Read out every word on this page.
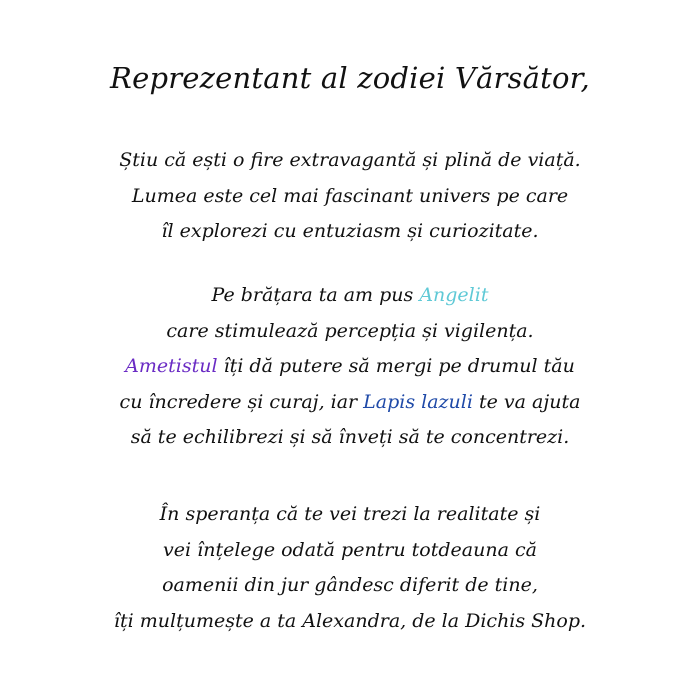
Reprezentant al zodiei Vărsător,
Știu că ești o fire extravagantă și plină de viață.
Lumea este cel mai fascinant univers pe care
îl explorezi cu entuziasm și curiozitate.
Pe brățara ta am pus Angelit
care stimulează percepția și vigilența.
Ametistul îți dă putere să mergi pe drumul tău
cu încredere și curaj, iar Lapis lazuli te va ajuta
să te echilibrezi și să înveți să te concentrezi.
În speranța că te vei trezi la realitate și
vei înțelege odată pentru totdeauna că
oamenii din jur gândesc diferit de tine,
îți mulțumește a ta Alexandra, de la Dichis Shop.
